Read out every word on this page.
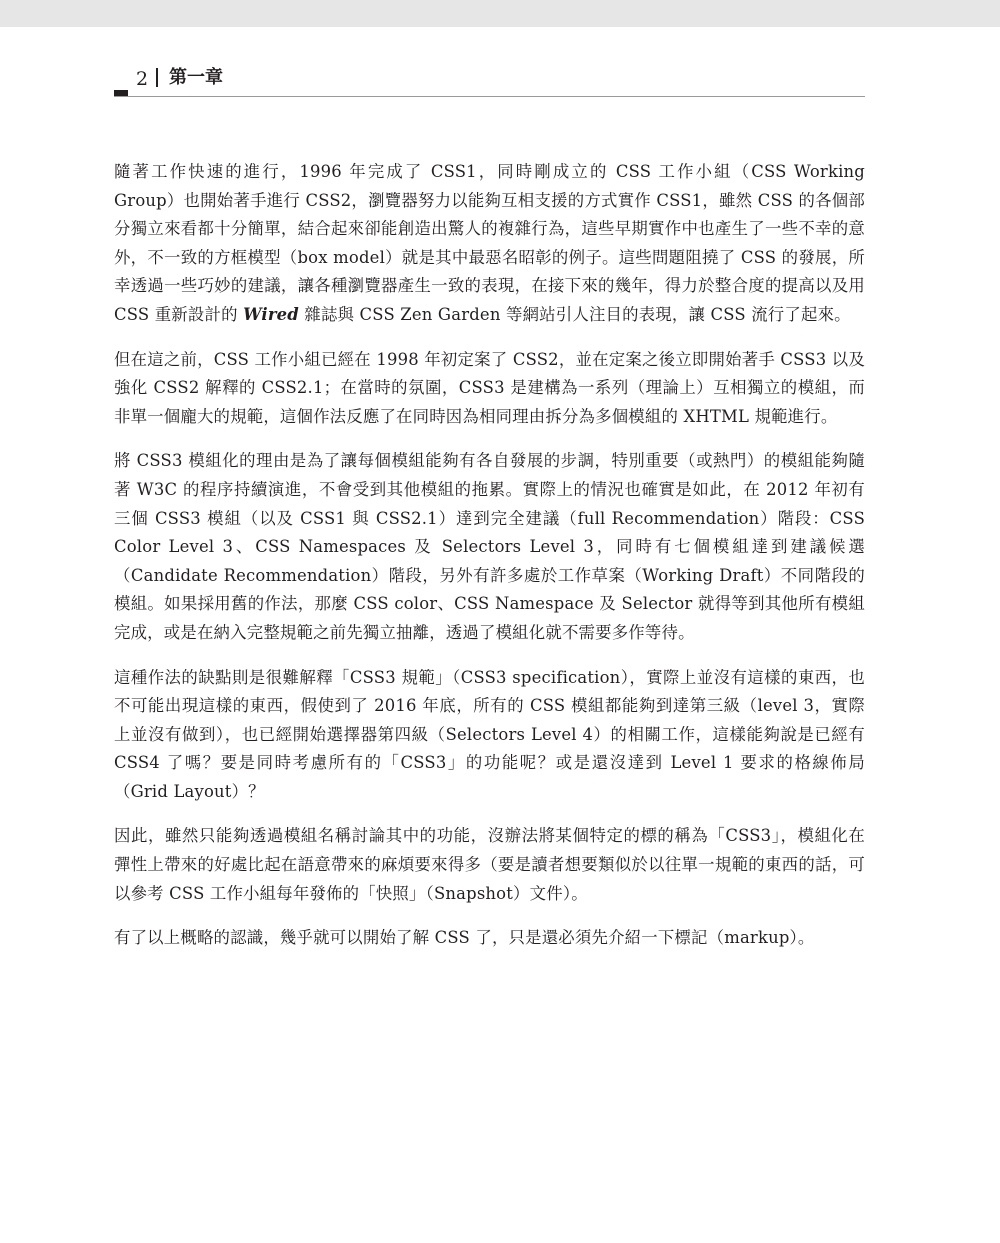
2 第一章

隨著工作快速的進行，1996 年完成了 CSS1，同時剛成立的 CSS 工作小組（CSS Working Group）也開始著手進行 CSS2，瀏覽器努力以能夠互相支援的方式實作 CSS1，雖然 CSS 的各個部分獨立來看都十分簡單，結合起來卻能創造出驚人的複雜行為，這些早期實作中也產生了一些不幸的意外，不一致的方框模型（box model）就是其中最惡名昭彰的例子。這些問題阻撓了 CSS 的發展，所幸透過一些巧妙的建議，讓各種瀏覽器產生一致的表現，在接下來的幾年，得力於整合度的提高以及用 CSS 重新設計的 Wired 雜誌與 CSS Zen Garden 等網站引人注目的表現，讓 CSS 流行了起來。

但在這之前，CSS 工作小組已經在 1998 年初定案了 CSS2，並在定案之後立即開始著手 CSS3 以及強化 CSS2 解釋的 CSS2.1；在當時的氛圍，CSS3 是建構為一系列（理論上）互相獨立的模組，而非單一個龐大的規範，這個作法反應了在同時因為相同理由拆分為多個模組的 XHTML 規範進行。

將 CSS3 模組化的理由是為了讓每個模組能夠有各自發展的步調，特別重要（或熱門）的模組能夠隨著 W3C 的程序持續演進，不會受到其他模組的拖累。實際上的情況也確實是如此，在 2012 年初有三個 CSS3 模組（以及 CSS1 與 CSS2.1）達到完全建議（full Recommendation）階段：CSS Color Level 3、CSS Namespaces 及 Selectors Level 3，同時有七個模組達到建議候選（Candidate Recommendation）階段，另外有許多處於工作草案（Working Draft）不同階段的模組。如果採用舊的作法，那麼 CSS color、CSS Namespace 及 Selector 就得等到其他所有模組完成，或是在納入完整規範之前先獨立抽離，透過了模組化就不需要多作等待。

這種作法的缺點則是很難解釋「CSS3 規範」（CSS3 specification），實際上並沒有這樣的東西，也不可能出現這樣的東西，假使到了 2016 年底，所有的 CSS 模組都能夠到達第三級（level 3，實際上並沒有做到），也已經開始選擇器第四級（Selectors Level 4）的相關工作，這樣能夠說是已經有 CSS4 了嗎？要是同時考慮所有的「CSS3」的功能呢？或是還沒達到 Level 1 要求的格線佈局（Grid Layout）？

因此，雖然只能夠透過模組名稱討論其中的功能，沒辦法將某個特定的標的稱為「CSS3」，模組化在彈性上帶來的好處比起在語意帶來的麻煩要來得多（要是讀者想要類似於以往單一規範的東西的話，可以參考 CSS 工作小組每年發佈的「快照」（Snapshot）文件）。

有了以上概略的認識，幾乎就可以開始了解 CSS 了，只是還必須先介紹一下標記（markup）。
